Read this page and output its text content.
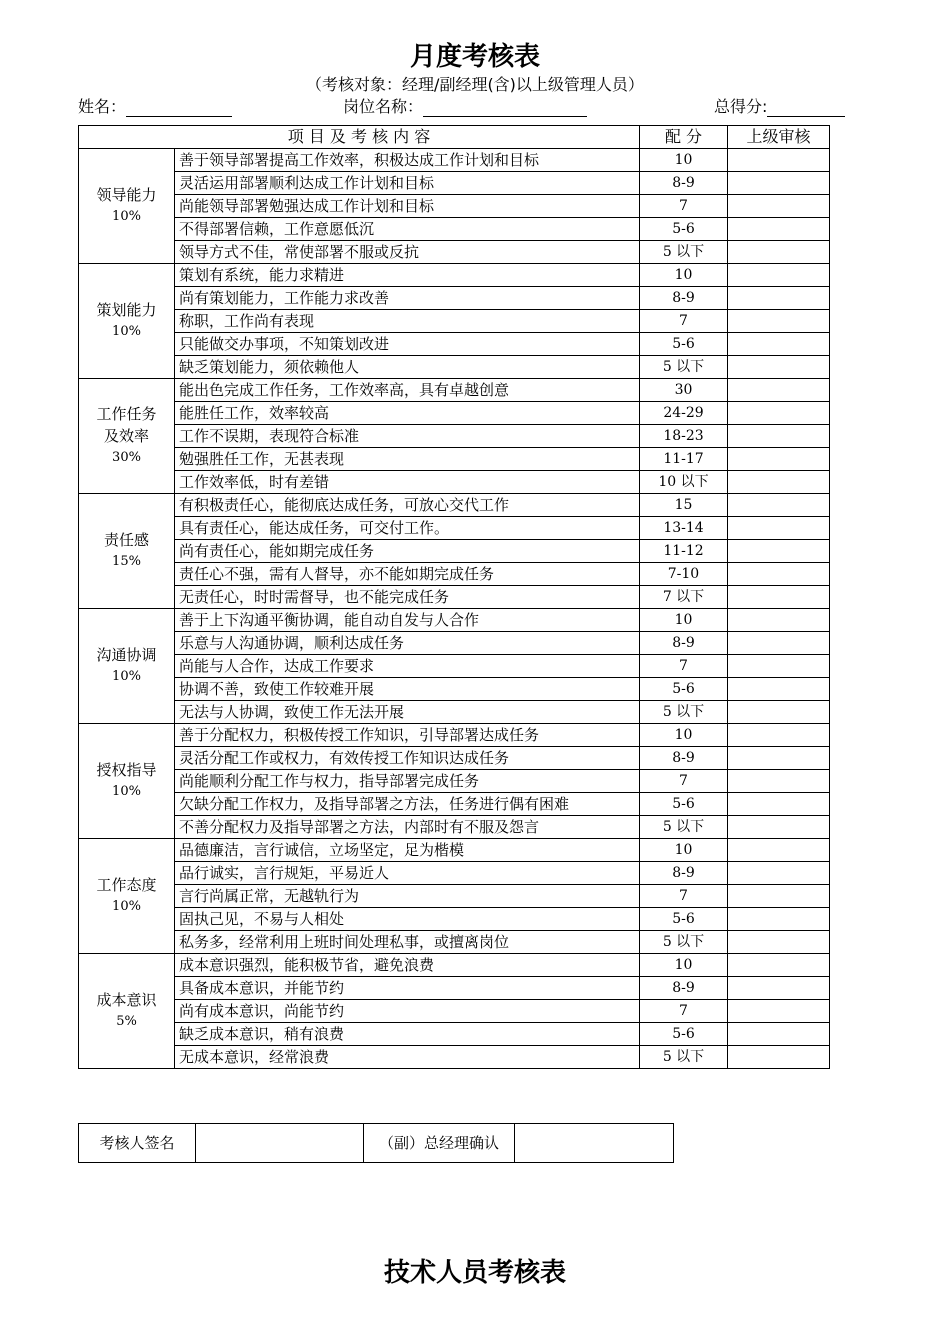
月度考核表
（考核对象：经理/副经理(含)以上级管理人员）
姓名：	岗位名称：	总得分:
项 目 及 考 核 内 容		配 分	上级审核

领导能力
10%	善于领导部署提高工作效率，积极达成工作计划和目标	10	
	灵活运用部署顺利达成工作计划和目标	8-9	
	尚能领导部署勉强达成工作计划和目标	7	
	不得部署信赖，工作意愿低沉	5-6	
	领导方式不佳，常使部署不服或反抗	5 以下	

策划能力
10%	策划有系统，能力求精进	10	
	尚有策划能力，工作能力求改善	8-9	
	称职，工作尚有表现	7	
	只能做交办事项，不知策划改进	5-6	
	缺乏策划能力，须依赖他人	5 以下	

工作任务及效率
30%	能出色完成工作任务，工作效率高，具有卓越创意	30	
	能胜任工作，效率较高	24-29	
	工作不误期，表现符合标准	18-23	
	勉强胜任工作，无甚表现	11-17	
	工作效率低，时有差错	10 以下	

责任感
15%	有积极责任心，能彻底达成任务，可放心交代工作	15	
	具有责任心，能达成任务，可交付工作。	13-14	
	尚有责任心，能如期完成任务	11-12	
	责任心不强，需有人督导，亦不能如期完成任务	7-10	
	无责任心，时时需督导，也不能完成任务	7 以下	

沟通协调
10%	善于上下沟通平衡协调，能自动自发与人合作	10	
	乐意与人沟通协调，顺利达成任务	8-9	
	尚能与人合作，达成工作要求	7	
	协调不善，致使工作较难开展	5-6	
	无法与人协调，致使工作无法开展	5 以下	

授权指导
10%	善于分配权力，积极传授工作知识，引导部署达成任务	10	
	灵活分配工作或权力，有效传授工作知识达成任务	8-9	
	尚能顺利分配工作与权力，指导部署完成任务	7	
	欠缺分配工作权力，及指导部署之方法，任务进行偶有困难	5-6	
	不善分配权力及指导部署之方法，内部时有不服及怨言	5 以下	

工作态度
10%	品德廉洁，言行诚信，立场坚定，足为楷模	10	
	品行诚实，言行规矩，平易近人	8-9	
	言行尚属正常，无越轨行为	7	
	固执己见，不易与人相处	5-6	
	私务多，经常利用上班时间处理私事，或擅离岗位	5 以下	

成本意识
5%	成本意识强烈，能积极节省，避免浪费	10	
	具备成本意识，并能节约	8-9	
	尚有成本意识，尚能节约	7	
	缺乏成本意识，稍有浪费	5-6	
	无成本意识，经常浪费	5 以下	
考核人签名		（副）总经理确认	
技术人员考核表
